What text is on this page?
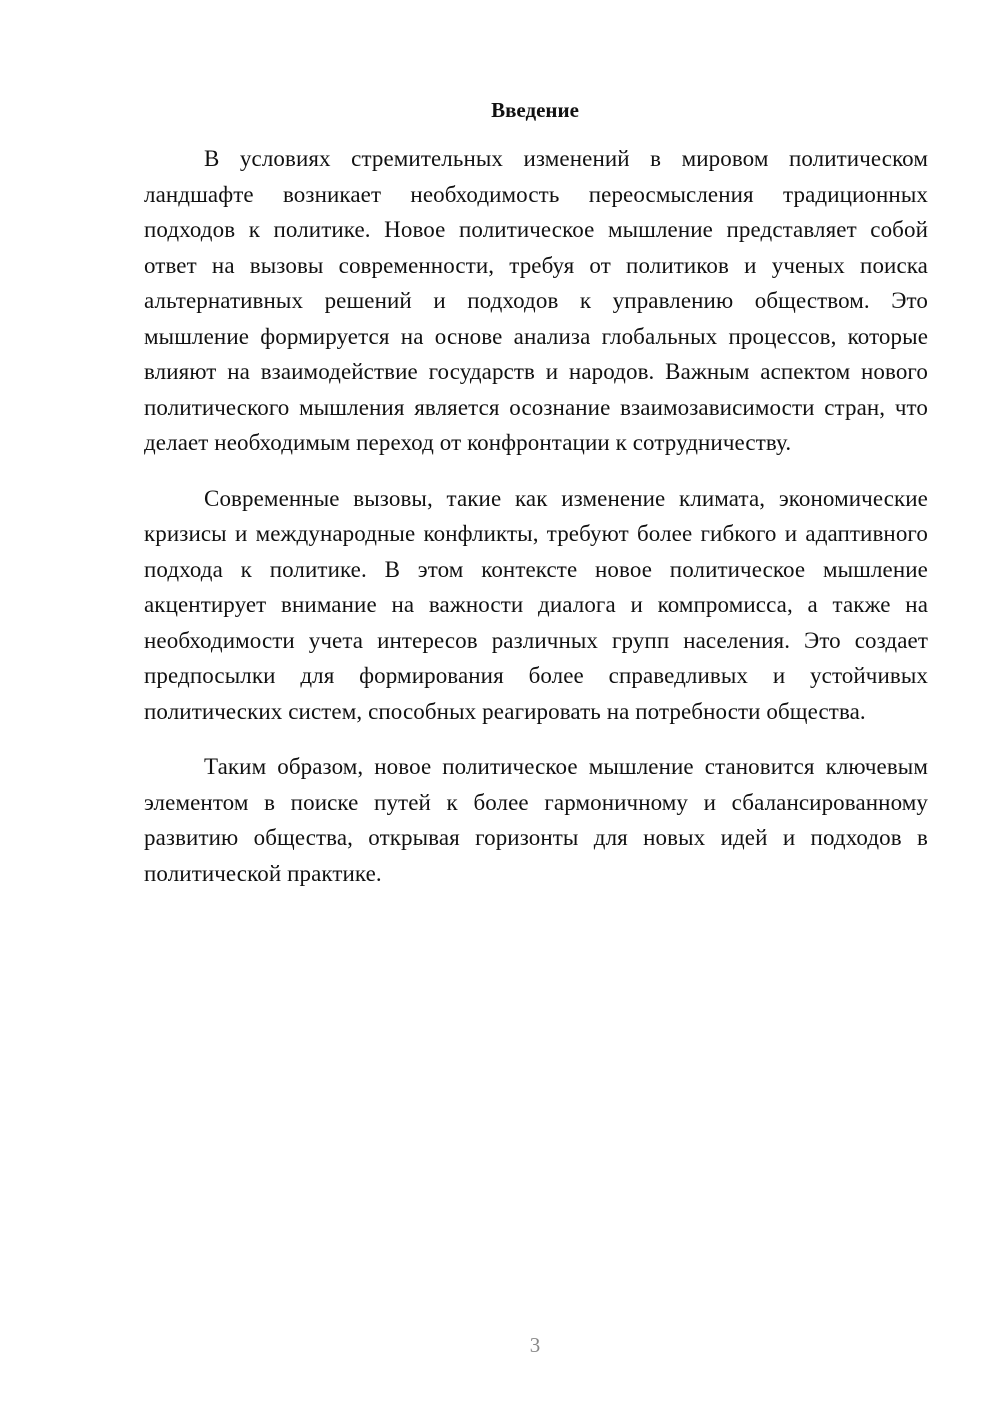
Введение

В условиях стремительных изменений в мировом политическом ландшафте возникает необходимость переосмысления традиционных подходов к политике. Новое политическое мышление представляет собой ответ на вызовы современности, требуя от политиков и ученых поиска альтернативных решений и подходов к управлению обществом. Это мышление формируется на основе анализа глобальных процессов, которые влияют на взаимодействие государств и народов. Важным аспектом нового политического мышления является осознание взаимозависимости стран, что делает необходимым переход от конфронтации к сотрудничеству.

Современные вызовы, такие как изменение климата, экономические кризисы и международные конфликты, требуют более гибкого и адаптивного подхода к политике. В этом контексте новое политическое мышление акцентирует внимание на важности диалога и компромисса, а также на необходимости учета интересов различных групп населения. Это создает предпосылки для формирования более справедливых и устойчивых политических систем, способных реагировать на потребности общества.

Таким образом, новое политическое мышление становится ключевым элементом в поиске путей к более гармоничному и сбалансированному развитию общества, открывая горизонты для новых идей и подходов в политической практике.

3
